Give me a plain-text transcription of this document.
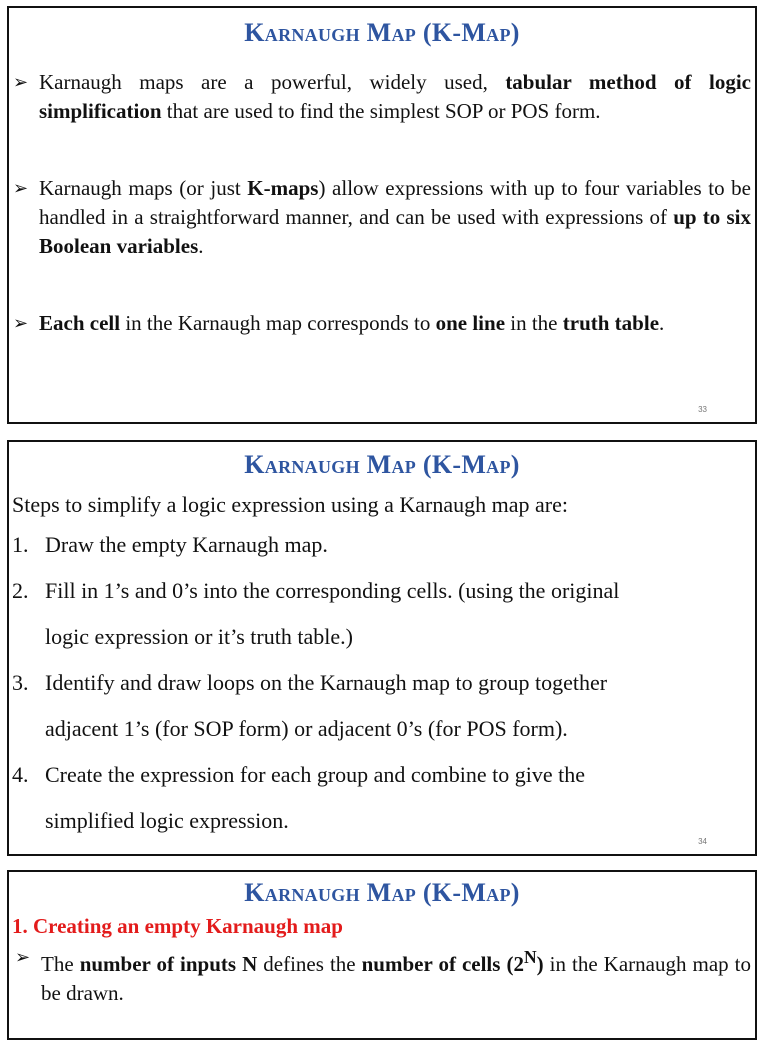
Karnaugh Map (K-Map)
➢ Karnaugh maps are a powerful, widely used, tabular method of logic simplification that are used to find the simplest SOP or POS form.
➢ Karnaugh maps (or just K-maps) allow expressions with up to four variables to be handled in a straightforward manner, and can be used with expressions of up to six Boolean variables.
➢ Each cell in the Karnaugh map corresponds to one line in the truth table.
33
Karnaugh Map (K-Map)
Steps to simplify a logic expression using a Karnaugh map are:
1. Draw the empty Karnaugh map.
2. Fill in 1’s and 0’s into the corresponding cells. (using the original
logic expression or it’s truth table.)
3. Identify and draw loops on the Karnaugh map to group together
adjacent 1’s (for SOP form) or adjacent 0’s (for POS form).
4. Create the expression for each group and combine to give the
simplified logic expression.
34
Karnaugh Map (K-Map)
1. Creating an empty Karnaugh map
➢ The number of inputs N defines the number of cells $(2^N)$ in the Karnaugh map to be drawn.
